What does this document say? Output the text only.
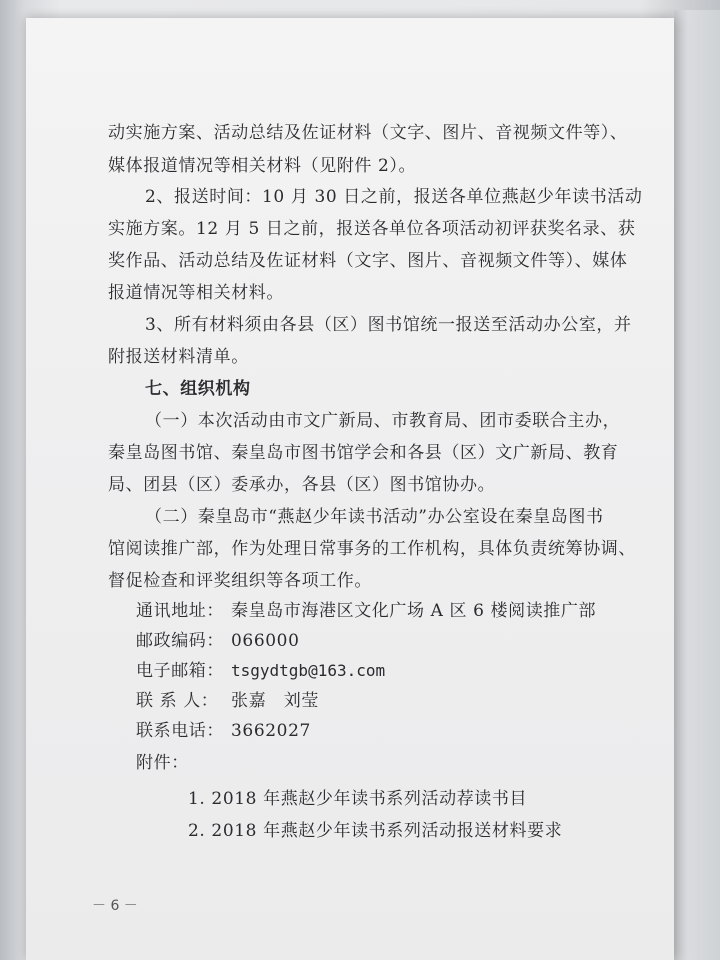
动实施方案、活动总结及佐证材料（文字、图片、音视频文件等）、
媒体报道情况等相关材料（见附件 2）。
2、报送时间：10 月 30 日之前，报送各单位燕赵少年读书活动
实施方案。12 月 5 日之前，报送各单位各项活动初评获奖名录、获
奖作品、活动总结及佐证材料（文字、图片、音视频文件等）、媒体
报道情况等相关材料。
3、所有材料须由各县（区）图书馆统一报送至活动办公室，并
附报送材料清单。
七、组织机构
（一）本次活动由市文广新局、市教育局、团市委联合主办，
秦皇岛图书馆、秦皇岛市图书馆学会和各县（区）文广新局、教育
局、团县（区）委承办，各县（区）图书馆协办。
（二）秦皇岛市“燕赵少年读书活动”办公室设在秦皇岛图书
馆阅读推广部，作为处理日常事务的工作机构，具体负责统筹协调、
督促检查和评奖组织等各项工作。
通讯地址： 秦皇岛市海港区文化广场 A 区 6 楼阅读推广部
邮政编码： 066000
电子邮箱： tsgydtgb@163.com
联 系 人： 张嘉　刘莹
联系电话： 3662027
附件：
1. 2018 年燕赵少年读书系列活动荐读书目
2. 2018 年燕赵少年读书系列活动报送材料要求
－ 6 －
